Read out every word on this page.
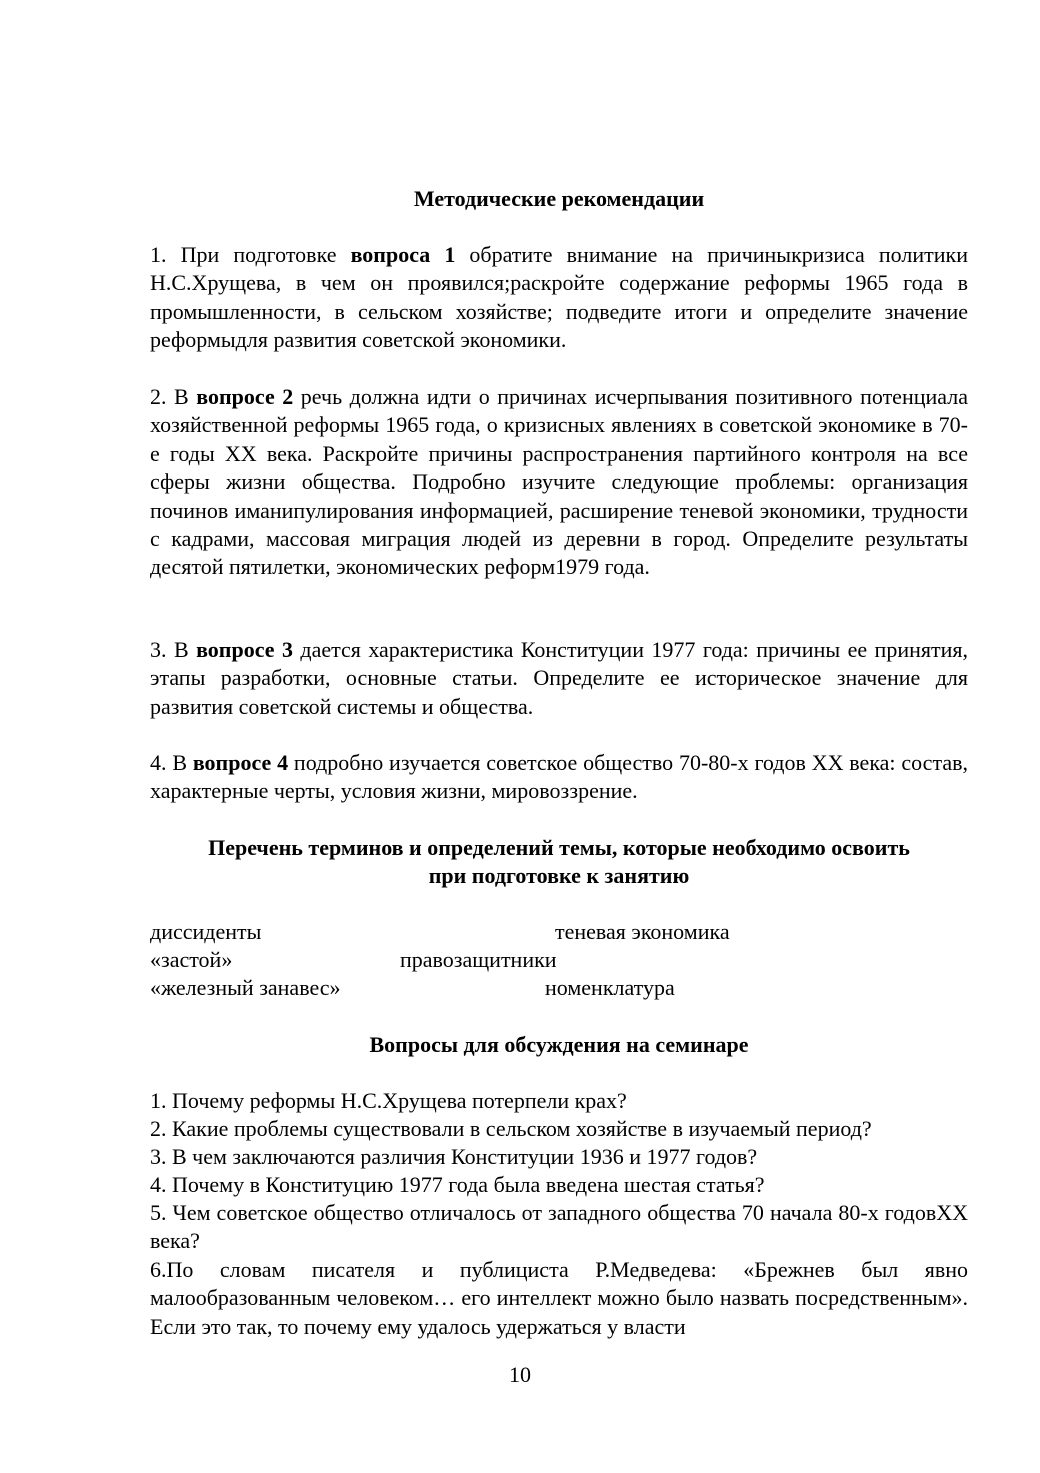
Методические рекомендации
1. При подготовке вопроса 1 обратите внимание на причиныкризиса политики Н.С.Хрущева, в чем он проявился;раскройте содержание реформы 1965 года в промышленности, в сельском хозяйстве; подведите итоги и определите значение реформыдля развития советской экономики.
2. В вопросе 2 речь должна идти о причинах исчерпывания позитивного потенциала хозяйственной реформы 1965 года, о кризисных явлениях в советской экономике в 70-е годы XX века. Раскройте причины распространения партийного контроля на все сферы жизни общества. Подробно изучите следующие проблемы: организация починов иманипулирования информацией, расширение теневой экономики, трудности с кадрами, массовая миграция людей из деревни в город. Определите результаты десятой пятилетки, экономических реформ1979 года.
3. В вопросе 3 дается характеристика Конституции 1977 года: причины ее принятия, этапы разработки, основные статьи. Определите ее историческое значение для развития советской системы и общества.
4. В вопросе 4 подробно изучается советское общество 70-80-х годов XX века: состав, характерные черты, условия жизни, мировоззрение.
Перечень терминов и определений темы, которые необходимо освоить
при подготовке к занятию
диссиденты	теневая экономика
«застой»	правозащитники
«железный занавес»	номенклатура
Вопросы для обсуждения на семинаре
1. Почему реформы Н.С.Хрущева потерпели крах?
2. Какие проблемы существовали в сельском хозяйстве в изучаемый период?
3. В чем заключаются различия Конституции 1936 и 1977 годов?
4. Почему в Конституцию 1977 года была введена шестая статья?
5. Чем советское общество отличалось от западного общества 70 начала 80-х годовXX века?
6.По словам писателя и публициста Р.Медведева: «Брежнев был явно малообразованным человеком… его интеллект можно было назвать посредственным». Если это так, то почему ему удалось удержаться у власти
10
